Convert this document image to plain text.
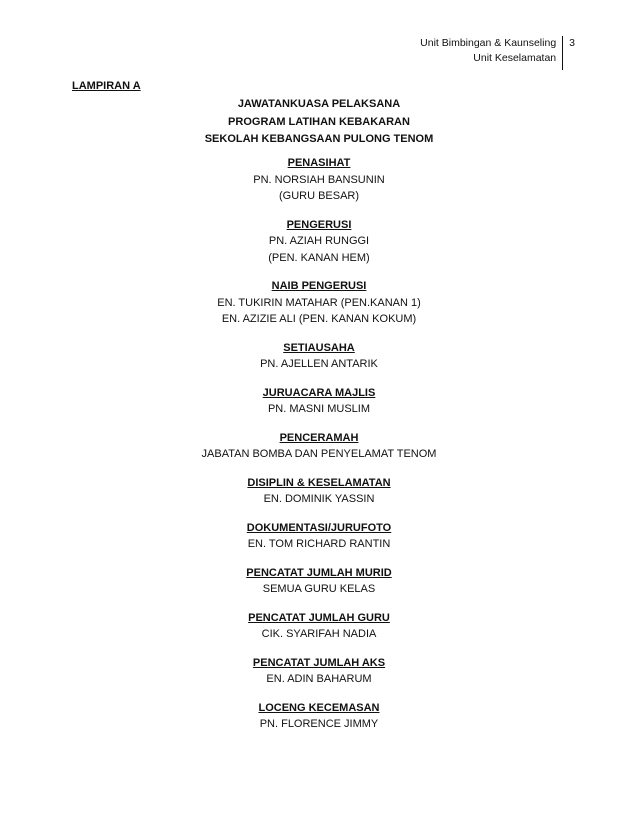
Unit Bimbingan & Kaunseling
Unit Keselamatan
3
LAMPIRAN A
JAWATANKUASA PELAKSANA
PROGRAM LATIHAN KEBAKARAN
SEKOLAH KEBANGSAAN PULONG TENOM
PENASIHAT
PN. NORSIAH BANSUNIN
(GURU BESAR)
PENGERUSI
PN. AZIAH RUNGGI
(PEN. KANAN HEM)
NAIB PENGERUSI
EN. TUKIRIN MATAHAR (PEN.KANAN 1)
EN. AZIZIE ALI (PEN. KANAN KOKUM)
SETIAUSAHA
PN. AJELLEN ANTARIK
JURUACARA MAJLIS
PN. MASNI MUSLIM
PENCERAMAH
JABATAN BOMBA DAN PENYELAMAT TENOM
DISIPLIN & KESELAMATAN
EN. DOMINIK YASSIN
DOKUMENTASI/JURUFOTO
EN. TOM RICHARD RANTIN
PENCATAT JUMLAH MURID
SEMUA GURU KELAS
PENCATAT JUMLAH GURU
CIK. SYARIFAH NADIA
PENCATAT JUMLAH AKS
EN. ADIN BAHARUM
LOCENG KECEMASAN
PN. FLORENCE JIMMY
